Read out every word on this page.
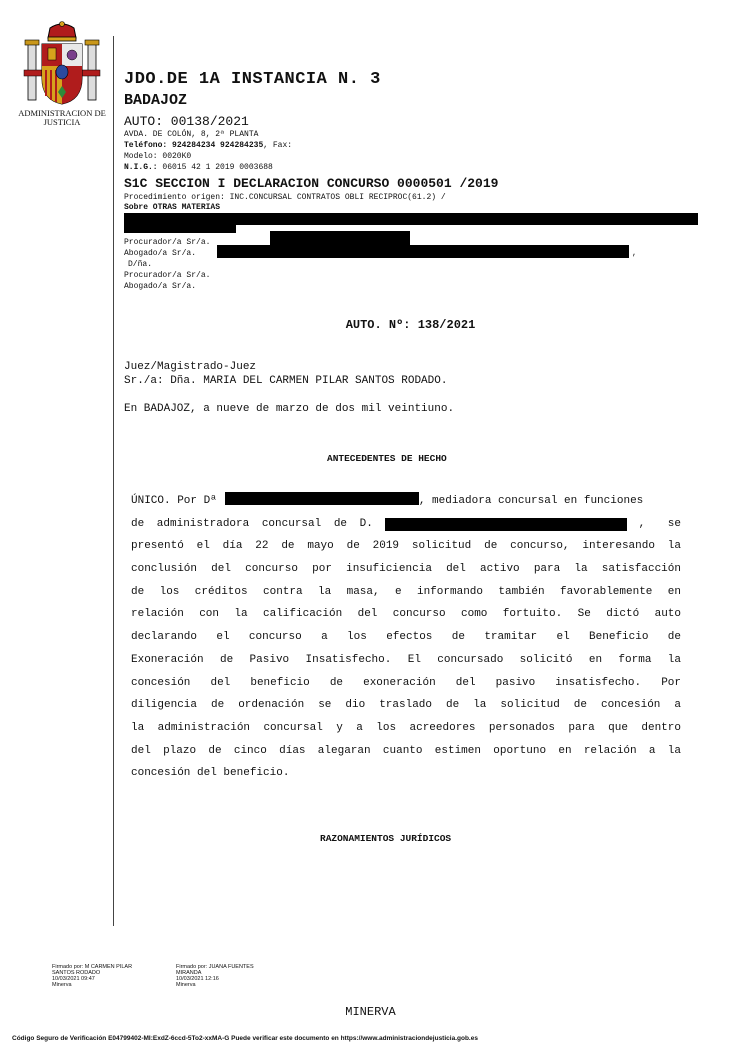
ADMINISTRACION DE JUSTICIA
JDO.DE 1A INSTANCIA N. 3
BADAJOZ
AUTO: 00138/2021
AVDA. DE COLÓN, 8, 2ª PLANTA
Teléfono: 924284234 924284235, Fax:
Modelo: 0020K0
N.I.G.: 06015 42 1 2019 0003688
S1C SECCION I DECLARACION CONCURSO 0000501 /2019
Procedimiento origen: INC.CONCURSAL CONTRATOS OBLI RECIPROC(61.2) /
Sobre OTRAS MATERIAS
Procurador/a Sr/a.
Abogado/a Sr/a.	,
D/ña.
Procurador/a Sr/a.
Abogado/a Sr/a.
AUTO. Nº: 138/2021
Juez/Magistrado-Juez
Sr./a: Dña. MARIA DEL CARMEN PILAR SANTOS RODADO.
En BADAJOZ, a nueve de marzo de dos mil veintiuno.
ANTECEDENTES DE HECHO
ÚNICO. Por Dª	, mediadora concursal en funciones
de administradora concursal de D.	, se
presentó el día 22 de mayo de 2019 solicitud de concurso, interesando la
conclusión del concurso por insuficiencia del activo para la satisfacción
de los créditos contra la masa, e informando también favorablemente en
relación con la calificación del concurso como fortuito. Se dictó auto
declarando el concurso a los efectos de tramitar el Beneficio de
Exoneración de Pasivo Insatisfecho. El concursado solicitó en forma la
concesión del beneficio de exoneración del pasivo insatisfecho. Por
diligencia de ordenación se dio traslado de la solicitud de concesión a
la administración concursal y a los acreedores personados para que dentro
del plazo de cinco días alegaran cuanto estimen oportuno en relación a la
concesión del beneficio.
RAZONAMIENTOS JURÍDICOS
Firmado por: M CARMEN PILAR
SANTOS RODADO
10/03/2021 09:47
Minerva
Firmado por: JUANA FUENTES
MIRANDA
10/03/2021 12:16
Minerva
MINERVA
Código Seguro de Verificación E04799402-MI:ExdZ-6ccd-5To2-xxMA-G Puede verificar este documento en https://www.administraciondejusticia.gob.es
